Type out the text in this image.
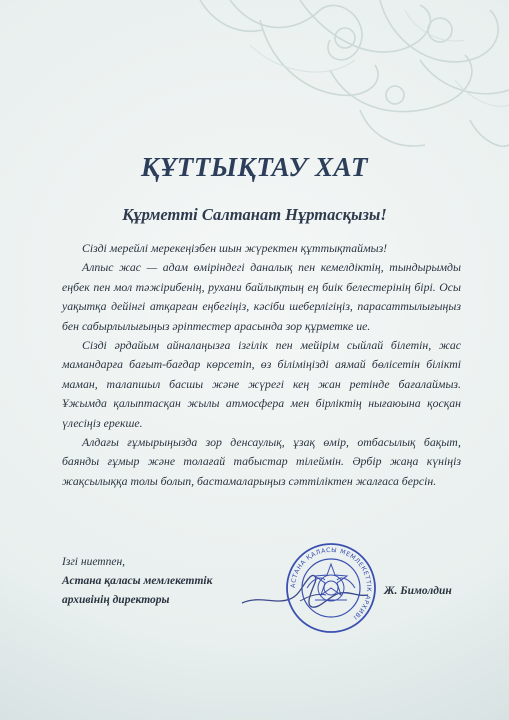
ҚҰТТЫҚТАУ ХАТ
Құрметті Салтанат Нұртасқызы!

Сізді мерейлі мерекеңізбен шын жүректен құттықтаймыз!

Алпыс жас — адам өміріндегі даналық пен кемелдіктің, тындырымды еңбек пен мол тәжірибенің, рухани байлықтың ең биік белестерінің бірі. Осы уақытқа дейінгі атқарған еңбегіңіз, кәсіби шеберлігіңіз, парасаттылығыңыз бен сабырлылығыңыз әріптестер арасында зор құрметке ие.

Сізді әрдайым айналаңызға ізгілік пен мейірім сыйлай білетін, жас мамандарға бағыт-бағдар көрсетіп, өз біліміңізді аямай бөлісетін білікті маман, талапшыл басшы және жүрегі кең жан ретінде бағалаймыз. Ұжымда қалыптасқан жылы атмосфера мен бірліктің нығаюына қосқан үлесіңіз ерекше.

Алдағы ғұмырыңызда зор денсаулық, ұзақ өмір, отбасылық бақыт, баянды ғұмыр және толағай табыстар тілеймін. Әрбір жаңа күніңіз жақсылыққа толы болып, бастамаларыңыз сәттіліктен жалғаса берсін.

Ізгі ниетпен,
Астана қаласы мемлекеттік
архивінің директоры
АСТАНА ҚАЛАСЫ МЕМЛЕКЕТТІК АРХИВІ
Ж. Бимолдин
